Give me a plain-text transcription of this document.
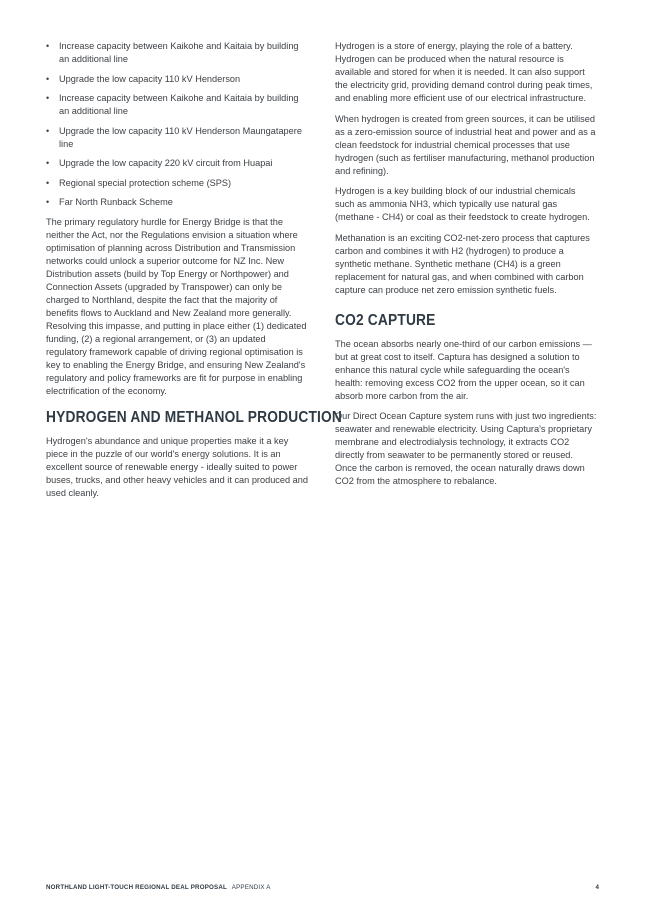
• Increase capacity between Kaikohe and Kaitaia by building an additional line
• Upgrade the low capacity 110 kV Henderson
• Increase capacity between Kaikohe and Kaitaia by building an additional line
• Upgrade the low capacity 110 kV Henderson Maungatapere line
• Upgrade the low capacity 220 kV circuit from Huapai
• Regional special protection scheme (SPS)
• Far North Runback Scheme

The primary regulatory hurdle for Energy Bridge is that the neither the Act, nor the Regulations envision a situation where optimisation of planning across Distribution and Transmission networks could unlock a superior outcome for NZ Inc. New Distribution assets (build by Top Energy or Northpower) and Connection Assets (upgraded by Transpower) can only be charged to Northland, despite the fact that the majority of benefits flows to Auckland and New Zealand more generally. Resolving this impasse, and putting in place either (1) dedicated funding, (2) a regional arrangement, or (3) an updated regulatory framework capable of driving regional optimisation is key to enabling the Energy Bridge, and ensuring New Zealand's regulatory and policy frameworks are fit for purpose in enabling electrification of the economy.

HYDROGEN AND METHANOL PRODUCTION

Hydrogen's abundance and unique properties make it a key piece in the puzzle of our world's energy solutions. It is an excellent source of renewable energy - ideally suited to power buses, trucks, and other heavy vehicles and it can produced and used cleanly.

Hydrogen is a store of energy, playing the role of a battery. Hydrogen can be produced when the natural resource is available and stored for when it is needed. It can also support the electricity grid, providing demand control during peak times, and enabling more efficient use of our electrical infrastructure.

When hydrogen is created from green sources, it can be utilised as a zero-emission source of industrial heat and power and as a clean feedstock for industrial chemical processes that use hydrogen (such as fertiliser manufacturing, methanol production and refining).

Hydrogen is a key building block of our industrial chemicals such as ammonia NH3, which typically use natural gas (methane - CH4) or coal as their feedstock to create hydrogen.

Methanation is an exciting CO2-net-zero process that captures carbon and combines it with H2 (hydrogen) to produce a synthetic methane. Synthetic methane (CH4) is a green replacement for natural gas, and when combined with carbon capture can produce net zero emission synthetic fuels.

CO2 CAPTURE

The ocean absorbs nearly one-third of our carbon emissions — but at great cost to itself. Captura has designed a solution to enhance this natural cycle while safeguarding the ocean's health: removing excess CO2 from the upper ocean, so it can absorb more carbon from the air.

Our Direct Ocean Capture system runs with just two ingredients: seawater and renewable electricity. Using Captura's proprietary membrane and electrodialysis technology, it extracts CO2 directly from seawater to be permanently stored or reused. Once the carbon is removed, the ocean naturally draws down CO2 from the atmosphere to rebalance.

NORTHLAND LIGHT-TOUCH REGIONAL DEAL PROPOSAL APPENDIX A	4
